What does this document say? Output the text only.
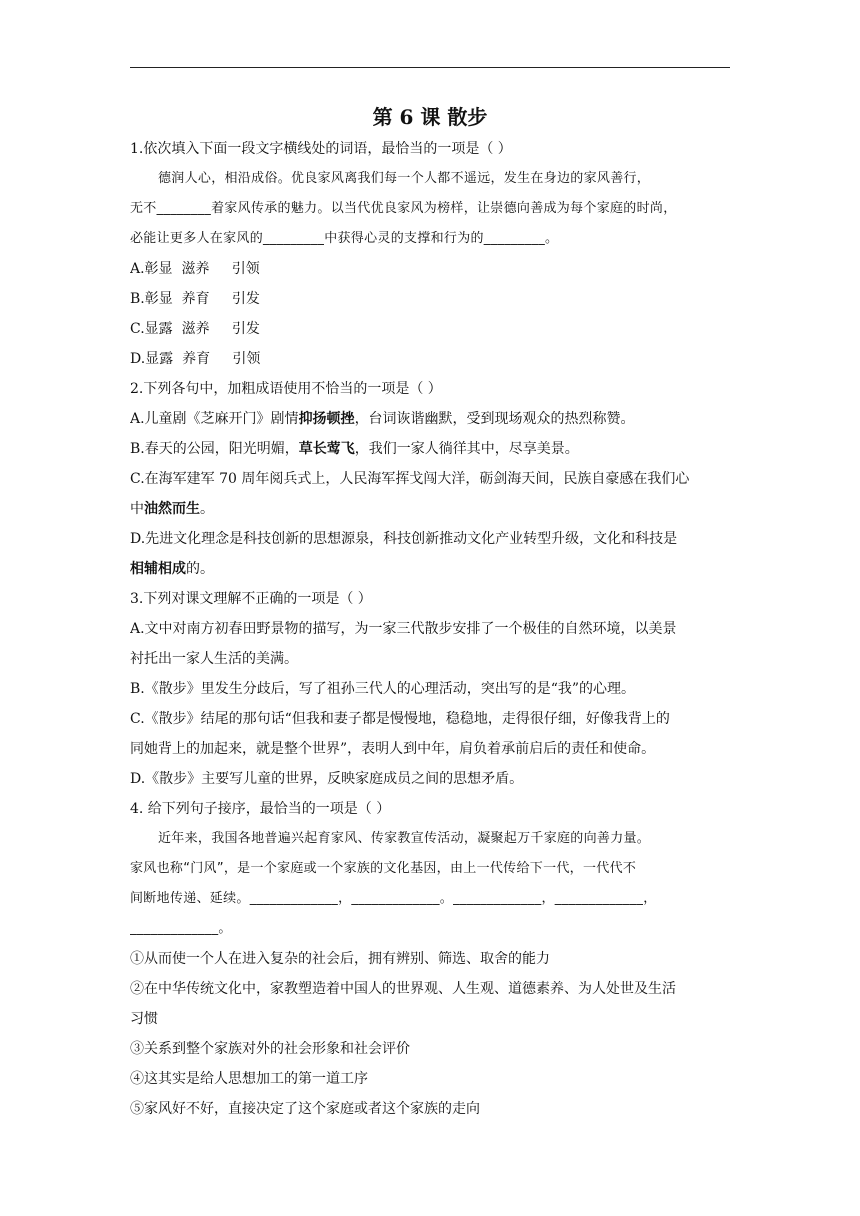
第 6 课 散步
1.依次填入下面一段文字横线处的词语，最恰当的一项是（ ）
德润人心，相沿成俗。优良家风离我们每一个人都不遥远，发生在身边的家风善行，
无不________着家风传承的魅力。以当代优良家风为榜样，让崇德向善成为每个家庭的时尚，
必能让更多人在家风的_________中获得心灵的支撑和行为的_________。
A.彰显  滋养     引领
B.彰显  养育     引发
C.显露  滋养     引发
D.显露  养育     引领
2.下列各句中，加粗成语使用不恰当的一项是（ ）
A.儿童剧《芝麻开门》剧情抑扬顿挫，台词诙谐幽默，受到现场观众的热烈称赞。
B.春天的公园，阳光明媚，草长莺飞，我们一家人徜徉其中，尽享美景。
C.在海军建军 70 周年阅兵式上，人民海军挥戈闯大洋，砺剑海天间，民族自豪感在我们心
中油然而生。
D.先进文化理念是科技创新的思想源泉，科技创新推动文化产业转型升级，文化和科技是
相辅相成的。
3.下列对课文理解不正确的一项是（ ）
A.文中对南方初春田野景物的描写，为一家三代散步安排了一个极佳的自然环境，以美景
衬托出一家人生活的美满。
B.《散步》里发生分歧后，写了祖孙三代人的心理活动，突出写的是“我”的心理。
C.《散步》结尾的那句话“但我和妻子都是慢慢地，稳稳地，走得很仔细，好像我背上的
同她背上的加起来，就是整个世界”，表明人到中年，肩负着承前启后的责任和使命。
D.《散步》主要写儿童的世界，反映家庭成员之间的思想矛盾。
4. 给下列句子接序，最恰当的一项是（ ）
近年来，我国各地普遍兴起育家风、传家教宣传活动，凝聚起万千家庭的向善力量。
家风也称“门风”，是一个家庭或一个家族的文化基因，由上一代传给下一代，一代代不
间断地传递、延续。_____________，_____________。_____________，_____________，
_____________。
①从而使一个人在进入复杂的社会后，拥有辨别、筛选、取舍的能力
②在中华传统文化中，家教塑造着中国人的世界观、人生观、道德素养、为人处世及生活
习惯
③关系到整个家族对外的社会形象和社会评价
④这其实是给人思想加工的第一道工序
⑤家风好不好，直接决定了这个家庭或者这个家族的走向
